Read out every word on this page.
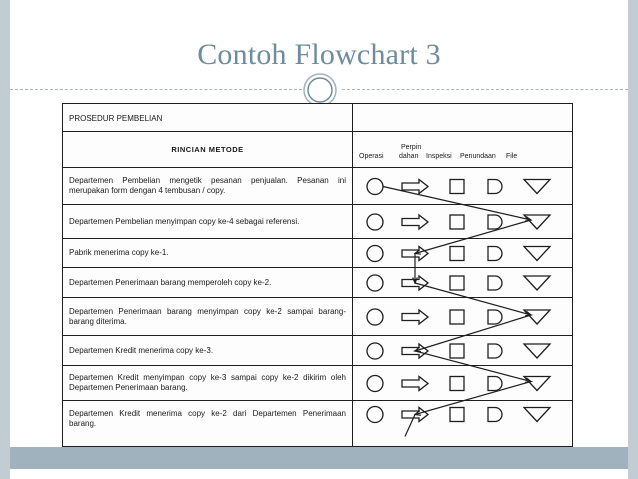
Contoh Flowchart 3
PROSEDUR PEMBELIAN
RINCIAN METODE	Perpin
Operasi dahan Inspeksi Penundaan File
Departemen Pembelian mengetik pesanan penjualan. Pesanan ini merupakan form dengan 4 tembusan / copy.
Departemen Pembelian menyimpan copy ke-4 sebagai referensi.
Pabrik menerima copy ke-1.
Departemen Penerimaan barang memperoleh copy ke-2.
Departemen Penerimaan barang menyimpan copy ke-2 sampai barang-barang diterima.
Departemen Kredit menerima copy ke-3.
Departemen Kredit menyimpan copy ke-3 sampai copy ke-2 dikirim oleh Departemen Penerimaan barang.
Departemen Kredit menerima copy ke-2 dari Departemen Penerimaan barang.
